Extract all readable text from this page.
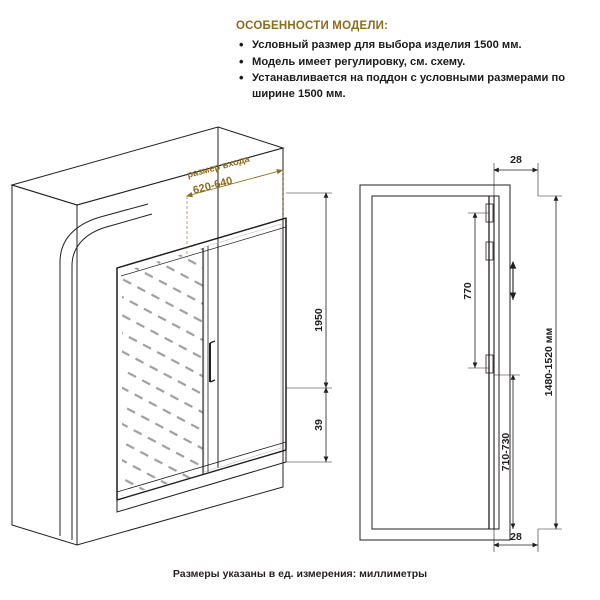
ОСОБЕННОСТИ МОДЕЛИ:
• Условный размер для выбора изделия 1500 мм.
• Модель имеет регулировку, см. схему.
• Устанавливается на поддон с условными размерами по ширине 1500 мм.
размер входа
620-640
1950
39
28
28
770
710-730
1480-1520 мм
Размеры указаны в ед. измерения: миллиметры
